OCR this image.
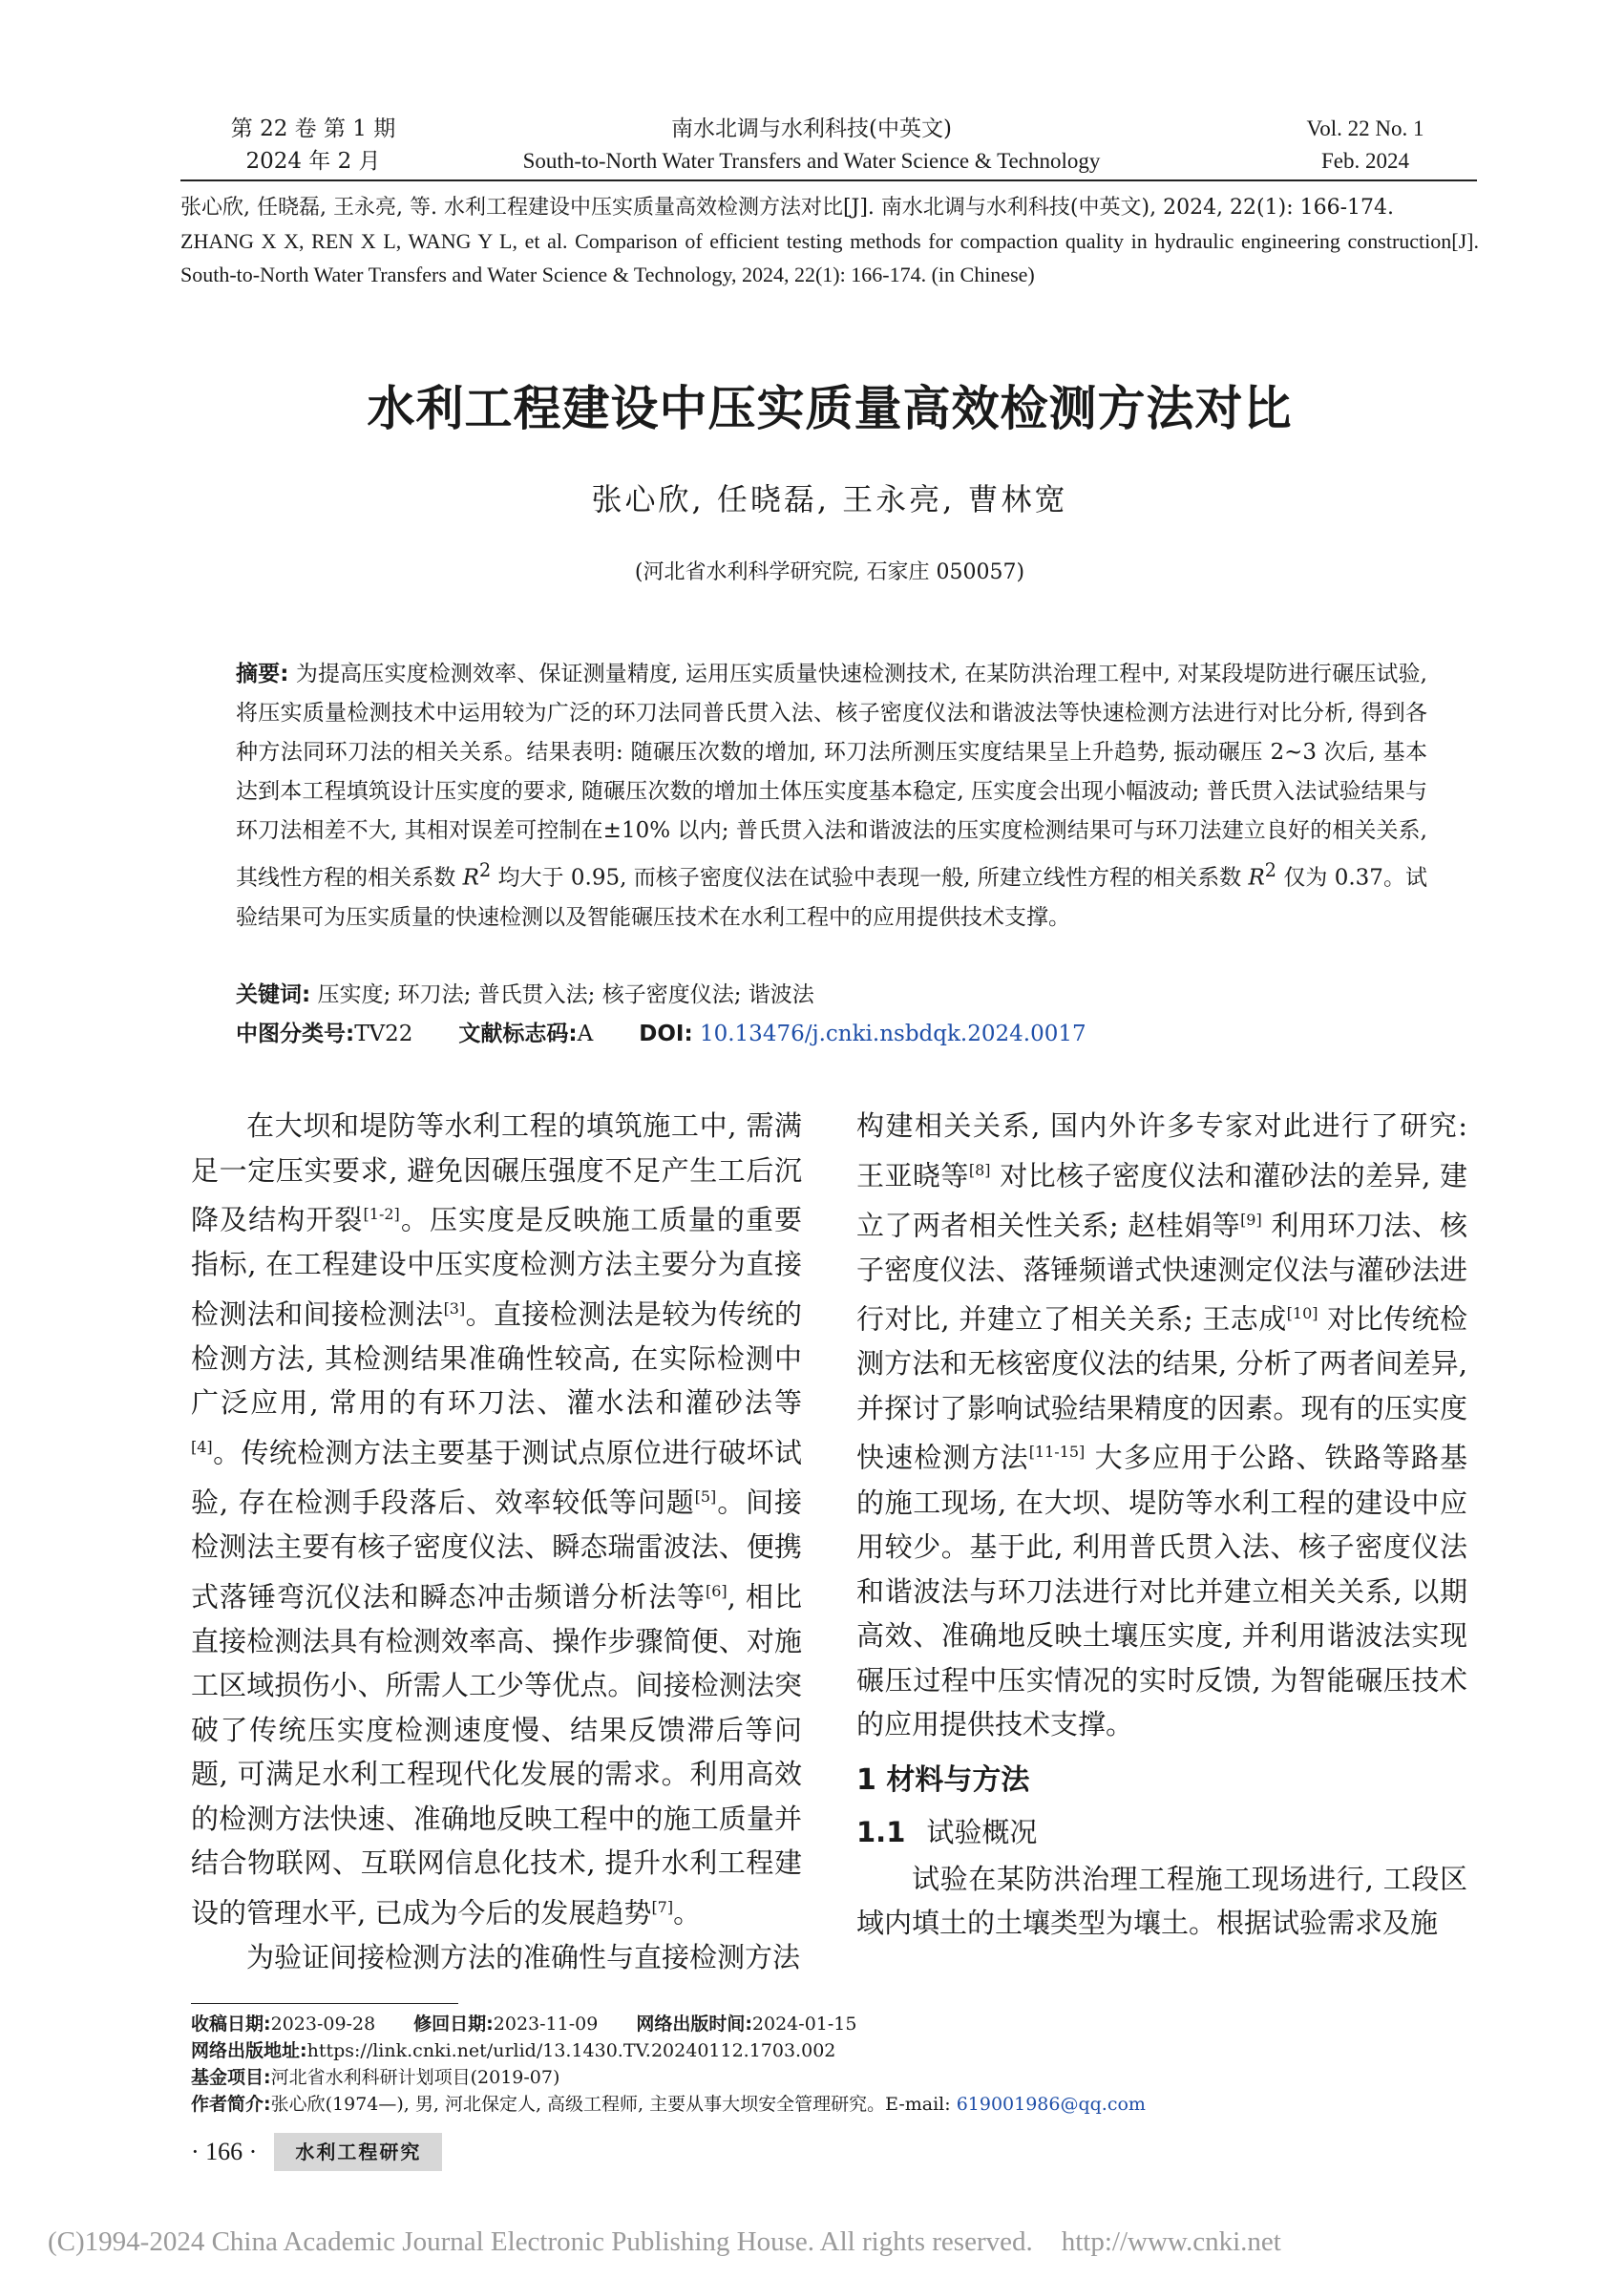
第 22 卷 第 1 期
2024 年 2 月
南水北调与水利科技(中英文)
South-to-North Water Transfers and Water Science & Technology
Vol. 22 No. 1
Feb. 2024
张心欣, 任晓磊, 王永亮, 等. 水利工程建设中压实质量高效检测方法对比[J]. 南水北调与水利科技(中英文), 2024, 22(1): 166-174.
ZHANG X X, REN X L, WANG Y L, et al. Comparison of efficient testing methods for compaction quality in hydraulic engineering construction[J]. South-to-North Water Transfers and Water Science & Technology, 2024, 22(1): 166-174. (in Chinese)
水利工程建设中压实质量高效检测方法对比
张心欣, 任晓磊, 王永亮, 曹林宽
(河北省水利科学研究院, 石家庄 050057)
摘要: 为提高压实度检测效率、保证测量精度, 运用压实质量快速检测技术, 在某防洪治理工程中, 对某段堤防进行碾压试验, 将压实质量检测技术中运用较为广泛的环刀法同普氏贯入法、核子密度仪法和谐波法等快速检测方法进行对比分析, 得到各种方法同环刀法的相关关系。结果表明: 随碾压次数的增加, 环刀法所测压实度结果呈上升趋势, 振动碾压 2~3 次后, 基本达到本工程填筑设计压实度的要求, 随碾压次数的增加土体压实度基本稳定, 压实度会出现小幅波动; 普氏贯入法试验结果与环刀法相差不大, 其相对误差可控制在±10% 以内; 普氏贯入法和谐波法的压实度检测结果可与环刀法建立良好的相关关系, 其线性方程的相关系数 $R^2$ 均大于 0.95, 而核子密度仪法在试验中表现一般, 所建立线性方程的相关系数 $R^2$ 仅为 0.37。试验结果可为压实质量的快速检测以及智能碾压技术在水利工程中的应用提供技术支撑。
关键词: 压实度; 环刀法; 普氏贯入法; 核子密度仪法; 谐波法
中图分类号:TV22 文献标志码:A DOI: 10.13476/j.cnki.nsbdqk.2024.0017

在大坝和堤防等水利工程的填筑施工中, 需满足一定压实要求, 避免因碾压强度不足产生工后沉降及结构开裂[1-2]。压实度是反映施工质量的重要指标, 在工程建设中压实度检测方法主要分为直接检测法和间接检测法[3]。直接检测法是较为传统的检测方法, 其检测结果准确性较高, 在实际检测中广泛应用, 常用的有环刀法、灌水法和灌砂法等[4]。传统检测方法主要基于测试点原位进行破坏试验, 存在检测手段落后、效率较低等问题[5]。间接检测法主要有核子密度仪法、瞬态瑞雷波法、便携式落锤弯沉仪法和瞬态冲击频谱分析法等[6], 相比直接检测法具有检测效率高、操作步骤简便、对施工区域损伤小、所需人工少等优点。间接检测法突破了传统压实度检测速度慢、结果反馈滞后等问题, 可满足水利工程现代化发展的需求。利用高效的检测方法快速、准确地反映工程中的施工质量并结合物联网、互联网信息化技术, 提升水利工程建设的管理水平, 已成为今后的发展趋势[7]。

为验证间接检测方法的准确性与直接检测方法

构建相关关系, 国内外许多专家对此进行了研究: 王亚晓等[8] 对比核子密度仪法和灌砂法的差异, 建立了两者相关性关系; 赵桂娟等[9] 利用环刀法、核子密度仪法、落锤频谱式快速测定仪法与灌砂法进行对比, 并建立了相关关系; 王志成[10] 对比传统检测方法和无核密度仪法的结果, 分析了两者间差异, 并探讨了影响试验结果精度的因素。现有的压实度快速检测方法[11-15] 大多应用于公路、铁路等路基的施工现场, 在大坝、堤防等水利工程的建设中应用较少。基于此, 利用普氏贯入法、核子密度仪法和谐波法与环刀法进行对比并建立相关关系, 以期高效、准确地反映土壤压实度, 并利用谐波法实现碾压过程中压实情况的实时反馈, 为智能碾压技术的应用提供技术支撑。

1 材料与方法
1.1 试验概况

试验在某防洪治理工程施工现场进行, 工段区域内填土的土壤类型为壤土。根据试验需求及施

收稿日期:2023-09-28 修回日期:2023-11-09 网络出版时间:2024-01-15
网络出版地址:https://link.cnki.net/urlid/13.1430.TV.20240112.1703.002
基金项目:河北省水利科研计划项目(2019-07)
作者简介:张心欣(1974—), 男, 河北保定人, 高级工程师, 主要从事大坝安全管理研究。E-mail: 619001986@qq.com
· 166 ·	水利工程研究
(C)1994-2024 China Academic Journal Electronic Publishing House. All rights reserved. http://www.cnki.net
